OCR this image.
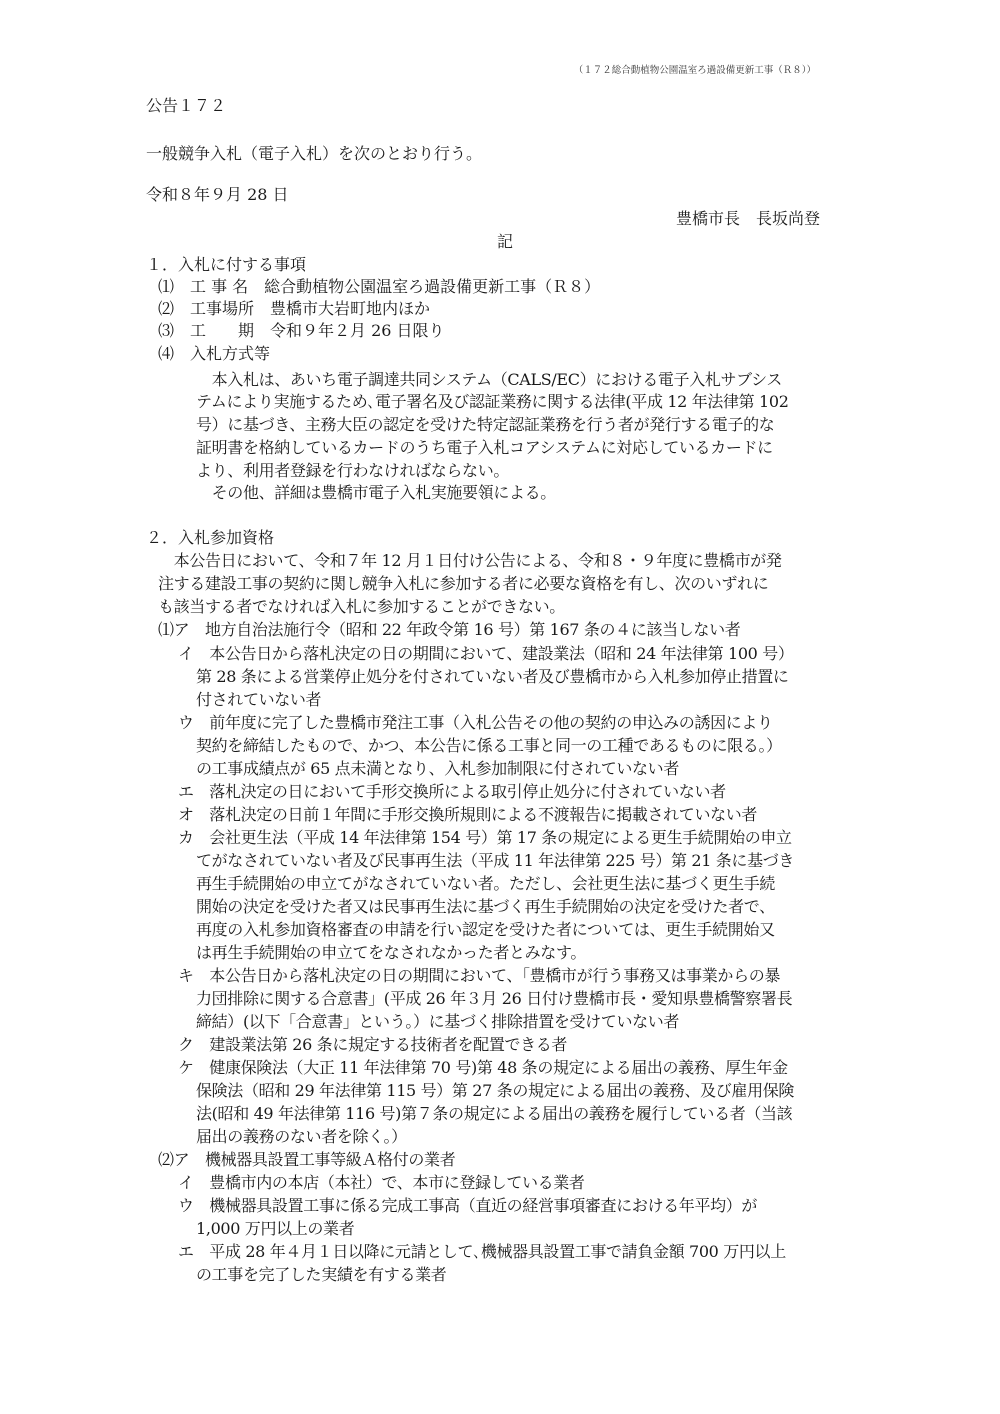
（１７２総合動植物公園温室ろ過設備更新工事（Ｒ８））
公告１７２
一般競争入札（電子入札）を次のとおり行う。
令和８年９月 28 日
豊橋市長　長坂尚登
記
１．入札に付する事項
⑴　工 事 名　総合動植物公園温室ろ過設備更新工事（Ｒ８）
⑵　工事場所　豊橋市大岩町地内ほか
⑶　工　　期　令和９年２月 26 日限り
⑷　入札方式等
　本入札は、あいち電子調達共同システム（CALS/EC）における電子入札サブシス
テムにより実施するため､電子署名及び認証業務に関する法律(平成 12 年法律第 102
号）に基づき、主務大臣の認定を受けた特定認証業務を行う者が発行する電子的な
証明書を格納しているカードのうち電子入札コアシステムに対応しているカードに
より、利用者登録を行わなければならない。
　その他、詳細は豊橋市電子入札実施要領による。
２．入札参加資格
　本公告日において、令和７年 12 月１日付け公告による、令和８・９年度に豊橋市が発
注する建設工事の契約に関し競争入札に参加する者に必要な資格を有し、次のいずれに
も該当する者でなければ入札に参加することができない。
⑴ア　地方自治法施行令（昭和 22 年政令第 16 号）第 167 条の４に該当しない者
イ　本公告日から落札決定の日の期間において、建設業法（昭和 24 年法律第 100 号）
第 28 条による営業停止処分を付されていない者及び豊橋市から入札参加停止措置に
付されていない者
ウ　前年度に完了した豊橋市発注工事（入札公告その他の契約の申込みの誘因により
契約を締結したもので、かつ、本公告に係る工事と同一の工種であるものに限る。）
の工事成績点が 65 点未満となり、入札参加制限に付されていない者
エ　落札決定の日において手形交換所による取引停止処分に付されていない者
オ　落札決定の日前１年間に手形交換所規則による不渡報告に掲載されていない者
カ　会社更生法（平成 14 年法律第 154 号）第 17 条の規定による更生手続開始の申立
てがなされていない者及び民事再生法（平成 11 年法律第 225 号）第 21 条に基づき
再生手続開始の申立てがなされていない者。ただし、会社更生法に基づく更生手続
開始の決定を受けた者又は民事再生法に基づく再生手続開始の決定を受けた者で、
再度の入札参加資格審査の申請を行い認定を受けた者については、更生手続開始又
は再生手続開始の申立てをなされなかった者とみなす。
キ　本公告日から落札決定の日の期間において、「豊橋市が行う事務又は事業からの暴
力団排除に関する合意書」(平成 26 年３月 26 日付け豊橋市長・愛知県豊橋警察署長
締結）(以下「合意書」という。）に基づく排除措置を受けていない者
ク　建設業法第 26 条に規定する技術者を配置できる者
ケ　健康保険法（大正 11 年法律第 70 号)第 48 条の規定による届出の義務、厚生年金
保険法（昭和 29 年法律第 115 号）第 27 条の規定による届出の義務、及び雇用保険
法(昭和 49 年法律第 116 号)第７条の規定による届出の義務を履行している者（当該
届出の義務のない者を除く。）
⑵ア　機械器具設置工事等級Ａ格付の業者
イ　豊橋市内の本店（本社）で、本市に登録している業者
ウ　機械器具設置工事に係る完成工事高（直近の経営事項審査における年平均）が
1,000 万円以上の業者
エ　平成 28 年４月１日以降に元請として､機械器具設置工事で請負金額 700 万円以上
の工事を完了した実績を有する業者
